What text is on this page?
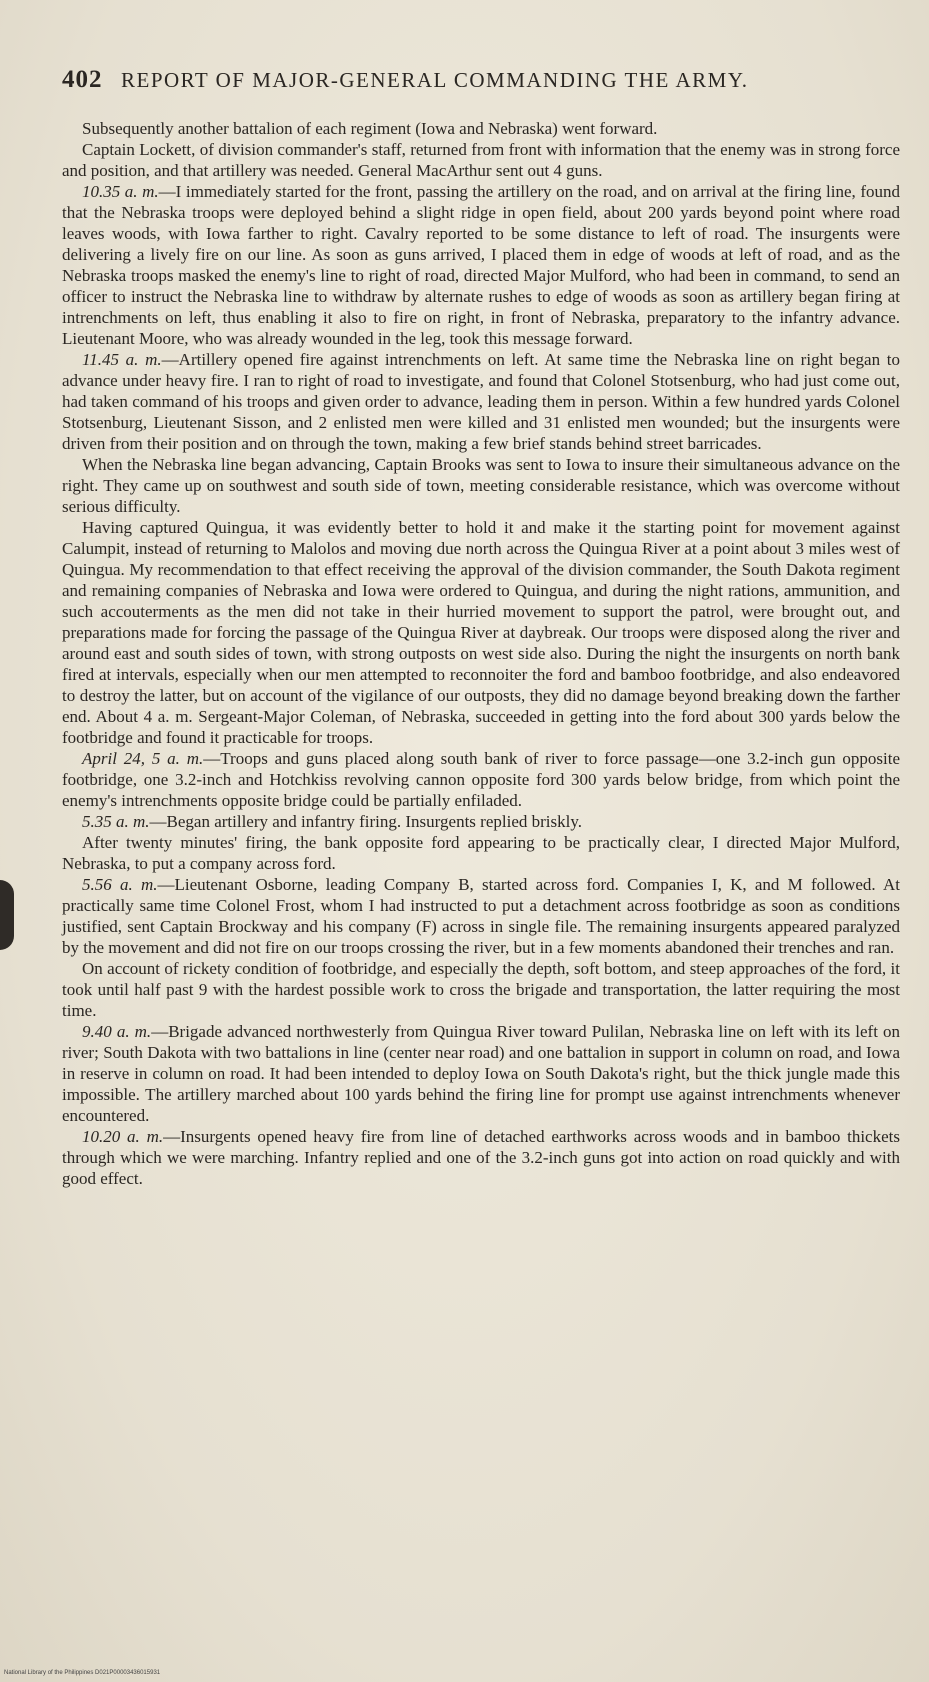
402 REPORT OF MAJOR-GENERAL COMMANDING THE ARMY.

Subsequently another battalion of each regiment (Iowa and Nebraska) went forward.

Captain Lockett, of division commander's staff, returned from front with information that the enemy was in strong force and position, and that artillery was needed. General MacArthur sent out 4 guns.

10.35 a. m.—I immediately started for the front, passing the artillery on the road, and on arrival at the firing line, found that the Nebraska troops were deployed behind a slight ridge in open field, about 200 yards beyond point where road leaves woods, with Iowa farther to right. Cavalry reported to be some distance to left of road. The insurgents were delivering a lively fire on our line. As soon as guns arrived, I placed them in edge of woods at left of road, and as the Nebraska troops masked the enemy's line to right of road, directed Major Mulford, who had been in command, to send an officer to instruct the Nebraska line to withdraw by alternate rushes to edge of woods as soon as artillery began firing at intrenchments on left, thus enabling it also to fire on right, in front of Nebraska, preparatory to the infantry advance. Lieutenant Moore, who was already wounded in the leg, took this message forward.

11.45 a. m.—Artillery opened fire against intrenchments on left. At same time the Nebraska line on right began to advance under heavy fire. I ran to right of road to investigate, and found that Colonel Stotsenburg, who had just come out, had taken command of his troops and given order to advance, leading them in person. Within a few hundred yards Colonel Stotsenburg, Lieutenant Sisson, and 2 enlisted men were killed and 31 enlisted men wounded; but the insurgents were driven from their position and on through the town, making a few brief stands behind street barricades.

When the Nebraska line began advancing, Captain Brooks was sent to Iowa to insure their simultaneous advance on the right. They came up on southwest and south side of town, meeting considerable resistance, which was overcome without serious difficulty.

Having captured Quingua, it was evidently better to hold it and make it the starting point for movement against Calumpit, instead of returning to Malolos and moving due north across the Quingua River at a point about 3 miles west of Quingua. My recommendation to that effect receiving the approval of the division commander, the South Dakota regiment and remaining companies of Nebraska and Iowa were ordered to Quingua, and during the night rations, ammunition, and such accouterments as the men did not take in their hurried movement to support the patrol, were brought out, and preparations made for forcing the passage of the Quingua River at daybreak. Our troops were disposed along the river and around east and south sides of town, with strong outposts on west side also. During the night the insurgents on north bank fired at intervals, especially when our men attempted to reconnoiter the ford and bamboo footbridge, and also endeavored to destroy the latter, but on account of the vigilance of our outposts, they did no damage beyond breaking down the farther end. About 4 a. m. Sergeant-Major Coleman, of Nebraska, succeeded in getting into the ford about 300 yards below the footbridge and found it practicable for troops.

April 24, 5 a. m.—Troops and guns placed along south bank of river to force passage—one 3.2-inch gun opposite footbridge, one 3.2-inch and Hotchkiss revolving cannon opposite ford 300 yards below bridge, from which point the enemy's intrenchments opposite bridge could be partially enfiladed.

5.35 a. m.—Began artillery and infantry firing. Insurgents replied briskly.

After twenty minutes' firing, the bank opposite ford appearing to be practically clear, I directed Major Mulford, Nebraska, to put a company across ford.

5.56 a. m.—Lieutenant Osborne, leading Company B, started across ford. Companies I, K, and M followed. At practically same time Colonel Frost, whom I had instructed to put a detachment across footbridge as soon as conditions justified, sent Captain Brockway and his company (F) across in single file. The remaining insurgents appeared paralyzed by the movement and did not fire on our troops crossing the river, but in a few moments abandoned their trenches and ran.

On account of rickety condition of footbridge, and especially the depth, soft bottom, and steep approaches of the ford, it took until half past 9 with the hardest possible work to cross the brigade and transportation, the latter requiring the most time.

9.40 a. m.—Brigade advanced northwesterly from Quingua River toward Pulilan, Nebraska line on left with its left on river; South Dakota with two battalions in line (center near road) and one battalion in support in column on road, and Iowa in reserve in column on road. It had been intended to deploy Iowa on South Dakota's right, but the thick jungle made this impossible. The artillery marched about 100 yards behind the firing line for prompt use against intrenchments whenever encountered.

10.20 a. m.—Insurgents opened heavy fire from line of detached earthworks across woods and in bamboo thickets through which we were marching. Infantry replied and one of the 3.2-inch guns got into action on road quickly and with good effect.

National Library of the Philippines D021P00003436015931
